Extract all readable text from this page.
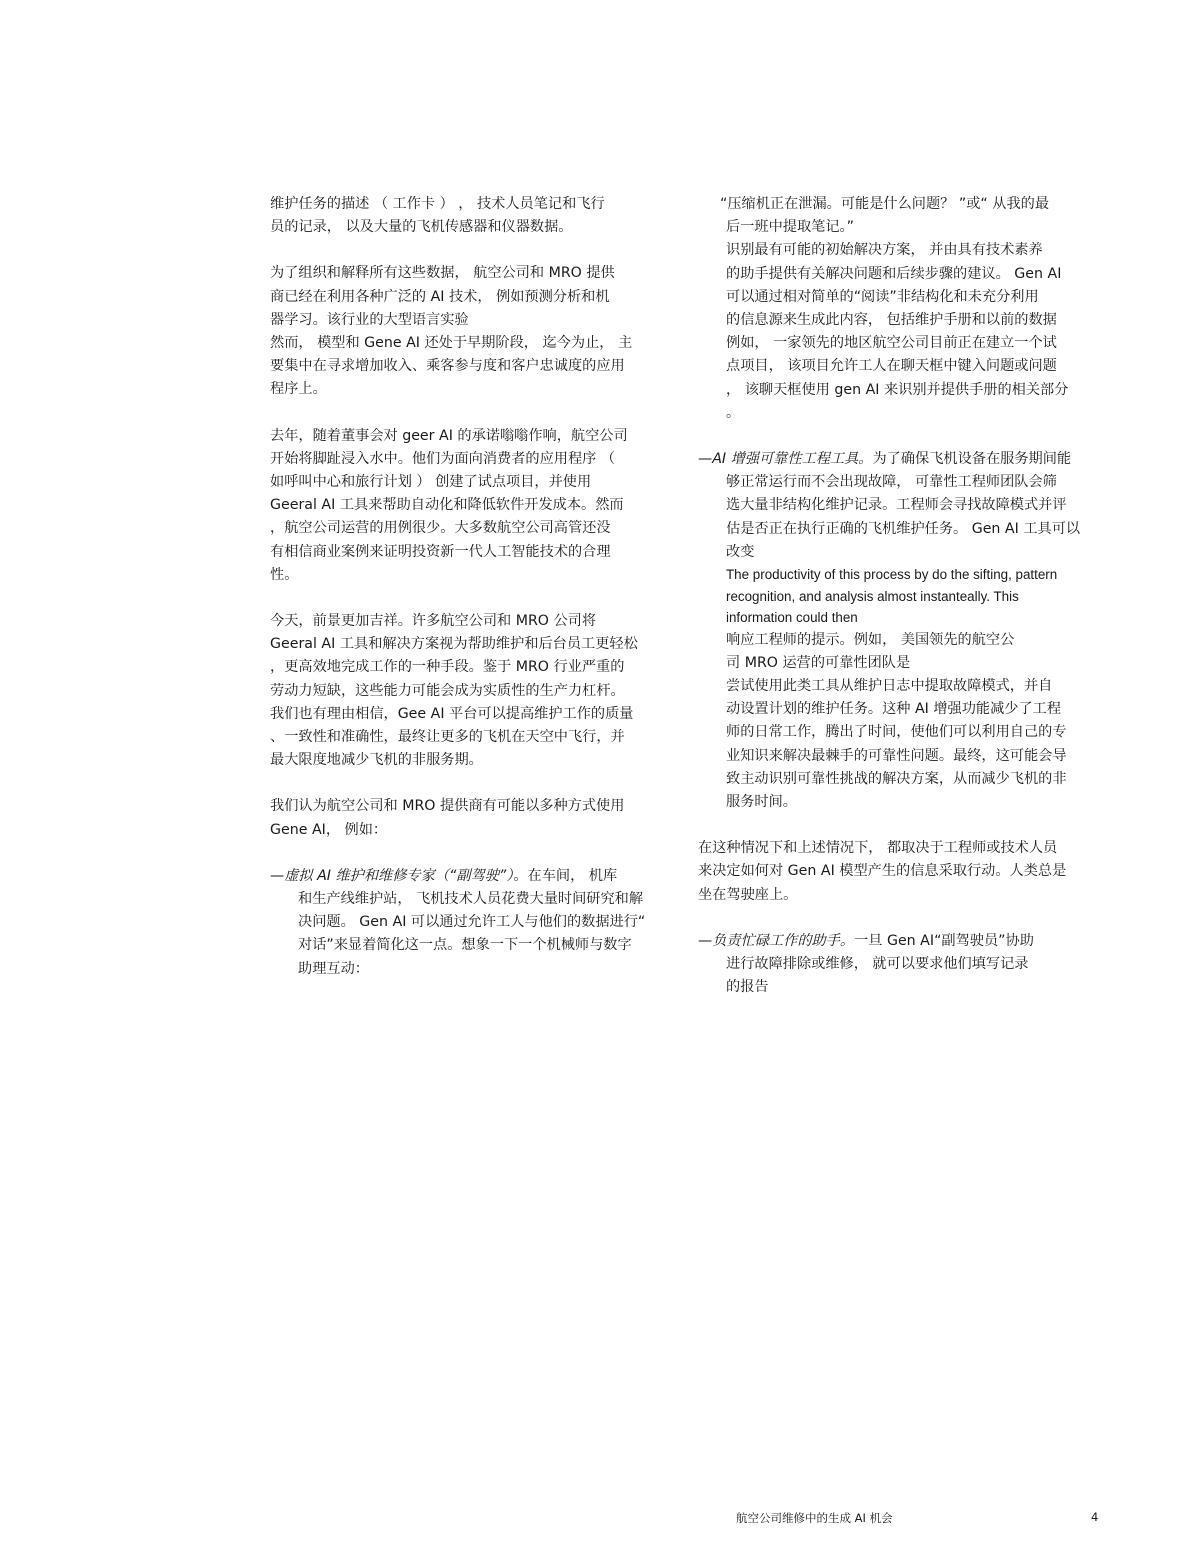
维护任务的描述 （ 工作卡 ） ， 技术人员笔记和飞行
员的记录， 以及大量的飞机传感器和仪器数据。
为了组织和解释所有这些数据， 航空公司和 MRO 提供
商已经在利用各种广泛的 AI 技术， 例如预测分析和机
器学习。该行业的大型语言实验
然而， 模型和 Gene AI 还处于早期阶段， 迄今为止， 主
要集中在寻求增加收入、乘客参与度和客户忠诚度的应用
程序上。
去年，随着董事会对 geer AI 的承诺嗡嗡作响，航空公司
开始将脚趾浸入水中。他们为面向消费者的应用程序 （
如呼叫中心和旅行计划 ） 创建了试点项目，并使用
Geeral AI 工具来帮助自动化和降低软件开发成本。然而
，航空公司运营的用例很少。大多数航空公司高管还没
有相信商业案例来证明投资新一代人工智能技术的合理
性。
今天，前景更加吉祥。许多航空公司和 MRO 公司将
Geeral AI 工具和解决方案视为帮助维护和后台员工更轻松
，更高效地完成工作的一种手段。鉴于 MRO 行业严重的
劳动力短缺，这些能力可能会成为实质性的生产力杠杆。
我们也有理由相信，Gee AI 平台可以提高维护工作的质量
、一致性和准确性，最终让更多的飞机在天空中飞行，并
最大限度地减少飞机的非服务期。
我们认为航空公司和 MRO 提供商有可能以多种方式使用
Gene AI， 例如：
—虚拟 AI 维护和维修专家（“副驾驶”）。在车间， 机库
和生产线维护站， 飞机技术人员花费大量时间研究和解
决问题。 Gen AI 可以通过允许工人与他们的数据进行“
对话”来显着简化这一点。想象一下一个机械师与数字
助理互动：
“压缩机正在泄漏。可能是什么问题？ ”或“ 从我的最
后一班中提取笔记。”
识别最有可能的初始解决方案， 并由具有技术素养
的助手提供有关解决问题和后续步骤的建议。 Gen AI
可以通过相对简单的“阅读”非结构化和未充分利用
的信息源来生成此内容， 包括维护手册和以前的数据
例如， 一家领先的地区航空公司目前正在建立一个试
点项目， 该项目允许工人在聊天框中键入问题或问题
， 该聊天框使用 gen AI 来识别并提供手册的相关部分
。
—AI 增强可靠性工程工具。为了确保飞机设备在服务期间能
够正常运行而不会出现故障， 可靠性工程师团队会筛
选大量非结构化维护记录。工程师会寻找故障模式并评
估是否正在执行正确的飞机维护任务。 Gen AI 工具可以
改变
The productivity of this process by do the sifting, pattern
recognition, and analysis almost instanteally. This
information could then
响应工程师的提示。例如， 美国领先的航空公
司 MRO 运营的可靠性团队是
尝试使用此类工具从维护日志中提取故障模式，并自
动设置计划的维护任务。这种 AI 增强功能减少了工程
师的日常工作，腾出了时间，使他们可以利用自己的专
业知识来解决最棘手的可靠性问题。最终，这可能会导
致主动识别可靠性挑战的解决方案，从而减少飞机的非
服务时间。
在这种情况下和上述情况下， 都取决于工程师或技术人员
来决定如何对 Gen AI 模型产生的信息采取行动。人类总是
坐在驾驶座上。
—负责忙碌工作的助手。一旦 Gen AI“副驾驶员”协助
进行故障排除或维修， 就可以要求他们填写记录
的报告
航空公司维修中的生成 AI 机会	4
